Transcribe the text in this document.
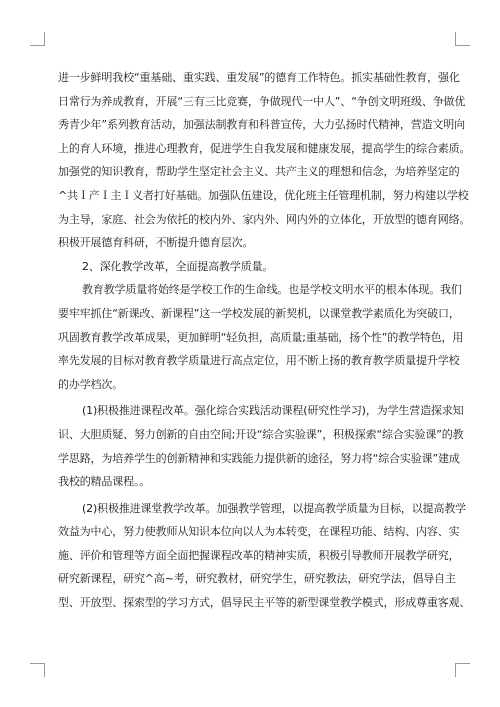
进一步鲜明我校“重基础、重实践、重发展”的德育工作特色。抓实基础性教育，强化
日常行为养成教育，开展“三有三比竞赛，争做现代一中人”、“争创文明班级、争做优
秀青少年”系列教育活动，加强法制教育和科普宣传，大力弘扬时代精神，营造文明向
上的育人环境，推进心理教育，促进学生自我发展和健康发展，提高学生的综合素质。
加强党的知识教育，帮助学生坚定社会主义、共产主义的理想和信念，为培养坚定的
^共Ｉ产Ｉ主Ｉ义者打好基础。加强队伍建设，优化班主任管理机制，努力构建以学校
为主导，家庭、社会为依托的校内外、家内外、网内外的立体化，开放型的德育网络。
积极开展德育科研，不断提升德育层次。
2、深化教学改革，全面提高教学质量。
教育教学质量将始终是学校工作的生命线。也是学校文明水平的根本体现。我们
要牢牢抓住“新课改、新课程”这一学校发展的新契机，以课堂教学素质化为突破口，
巩固教育教学改革成果，更加鲜明“轻负担，高质量;重基础，扬个性”的教学特色，用
率先发展的目标对教育教学质量进行高点定位，用不断上扬的教育教学质量提升学校
的办学档次。
(1)积极推进课程改革。强化综合实践活动课程(研究性学习)，为学生营造探求知
识、大胆质疑、努力创新的自由空间;开设“综合实验课”，积极探索“综合实验课”的教
学思路，为培养学生的创新精神和实践能力提供新的途径，努力将“综合实验课”建成
我校的精品课程。。
(2)积极推进课堂教学改革。加强教学管理，以提高教学质量为目标，以提高教学
效益为中心，努力使教师从知识本位向以人为本转变，在课程功能、结构、内容、实
施、评价和管理等方面全面把握课程改革的精神实质，积极引导教师开展教学研究，
研究新课程，研究^高~考，研究教材，研究学生，研究教法，研究学法，倡导自主
型、开放型、探索型的学习方式，倡导民主平等的新型课堂教学模式，形成尊重客观、
